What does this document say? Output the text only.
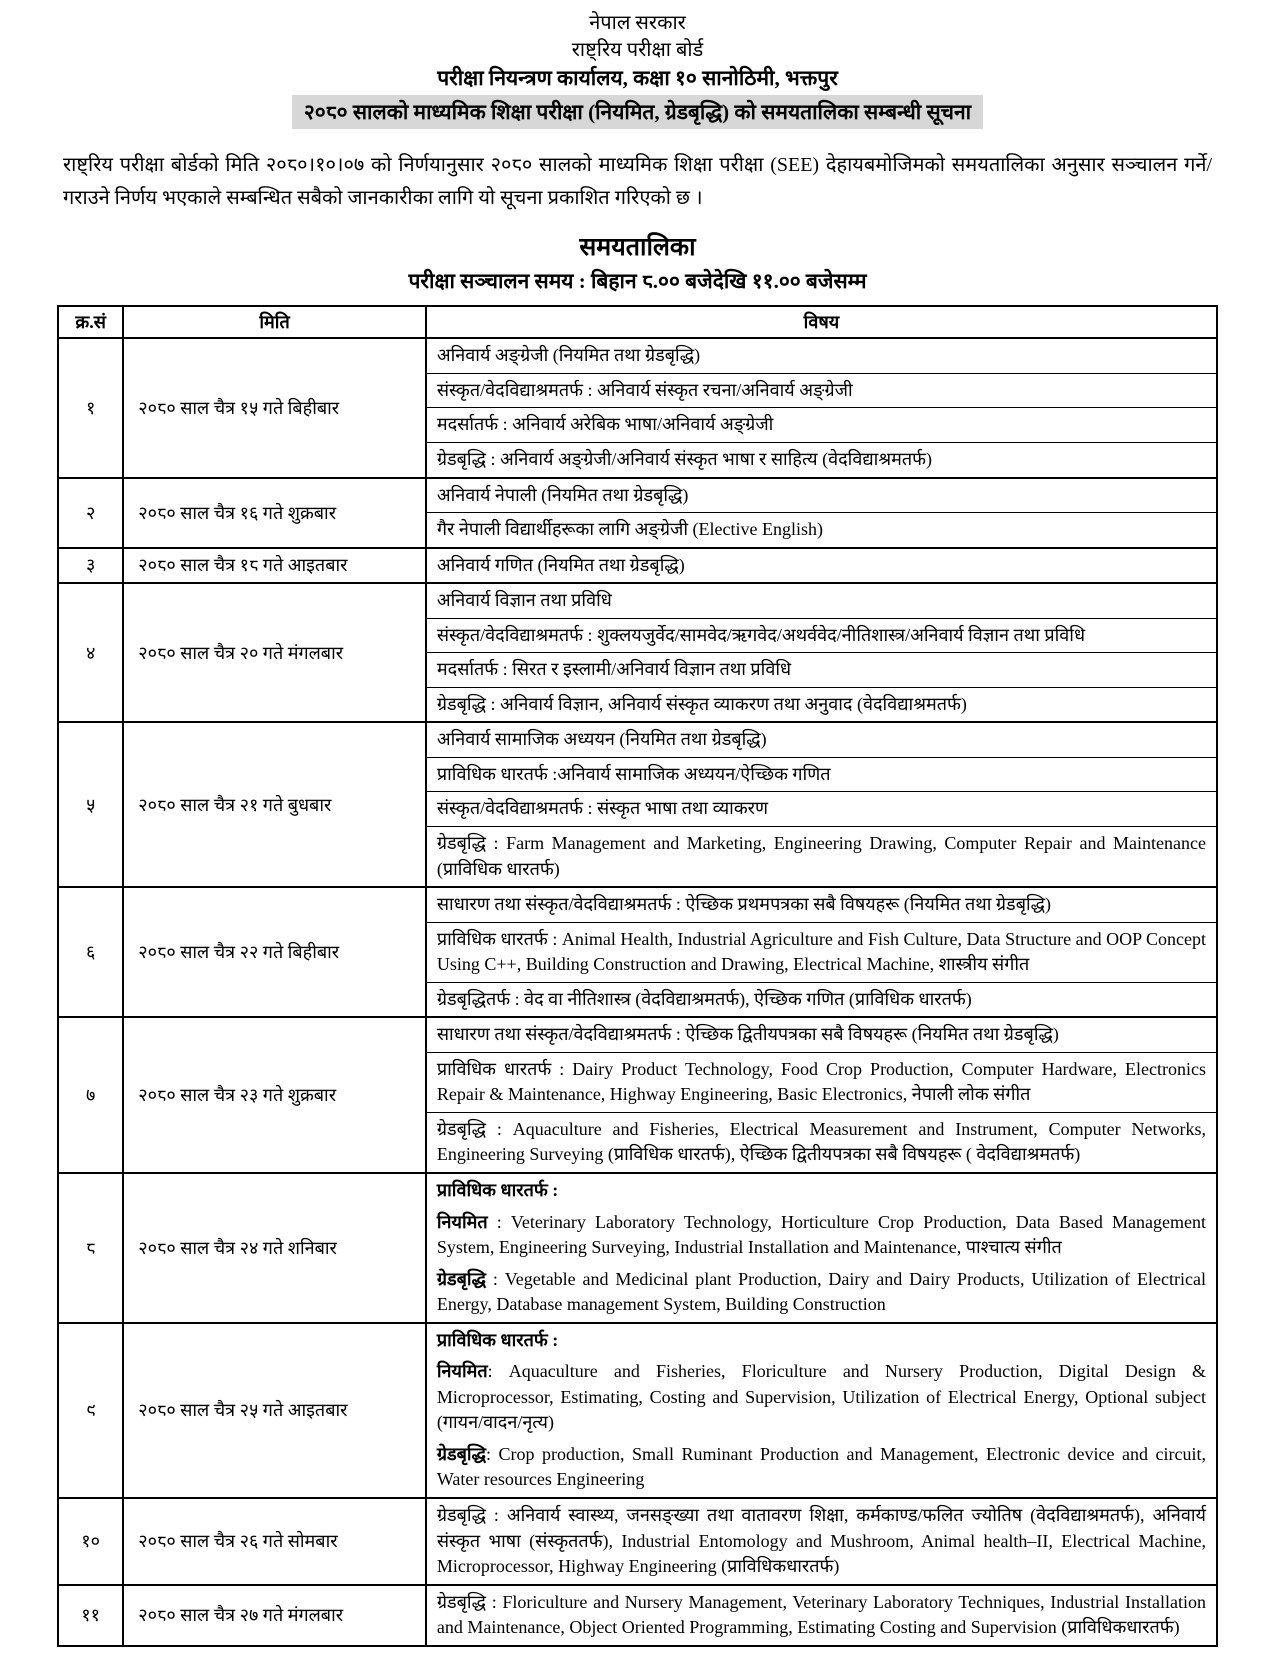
नेपाल सरकार
राष्ट्रिय परीक्षा बोर्ड
परीक्षा नियन्त्रण कार्यालय, कक्षा १० सानोठिमी, भक्तपुर
२०८० सालको माध्यमिक शिक्षा परीक्षा (नियमित, ग्रेडबृद्धि) को समयतालिका सम्बन्धी सूचना

राष्ट्रिय परीक्षा बोर्डको मिति २०८०।१०।०७ को निर्णयानुसार २०८० सालको माध्यमिक शिक्षा परीक्षा (SEE) देहायबमोजिमको समयतालिका अनुसार सञ्चालन गर्ने/गराउने निर्णय भएकाले सम्बन्धित सबैको जानकारीका लागि यो सूचना प्रकाशित गरिएको छ ।

समयतालिका
परीक्षा सञ्चालन समय : बिहान ८.०० बजेदेखि ११.०० बजेसम्म
क्र.सं	मिति	विषय
१	२०८० साल चैत्र १५ गते बिहीबार	अनिवार्य अङ्ग्रेजी (नियमित तथा ग्रेडबृद्धि)

संस्कृत/वेदविद्याश्रमतर्फ : अनिवार्य संस्कृत रचना/अनिवार्य अङ्ग्रेजी

मदर्सातर्फ : अनिवार्य अरेबिक भाषा/अनिवार्य अङ्ग्रेजी

ग्रेडबृद्धि : अनिवार्य अङ्ग्रेजी/अनिवार्य संस्कृत भाषा र साहित्य (वेदविद्याश्रमतर्फ)

२	२०८० साल चैत्र १६ गते शुक्रबार	अनिवार्य नेपाली (नियमित तथा ग्रेडबृद्धि)

गैर नेपाली विद्यार्थीहरूका लागि अङ्ग्रेजी (Elective English)

३	२०८० साल चैत्र १८ गते आइतबार	अनिवार्य गणित (नियमित तथा ग्रेडबृद्धि)

४	२०८० साल चैत्र २० गते मंगलबार	अनिवार्य विज्ञान तथा प्रविधि

संस्कृत/वेदविद्याश्रमतर्फ : शुक्लयजुर्वेद/सामवेद/ऋगवेद/अथर्ववेद/नीतिशास्त्र/अनिवार्य विज्ञान तथा प्रविधि

मदर्सातर्फ : सिरत र इस्लामी/अनिवार्य विज्ञान तथा प्रविधि

ग्रेडबृद्धि : अनिवार्य विज्ञान, अनिवार्य संस्कृत व्याकरण तथा अनुवाद (वेदविद्याश्रमतर्फ)

५	२०८० साल चैत्र २१ गते बुधबार	अनिवार्य सामाजिक अध्ययन (नियमित तथा ग्रेडबृद्धि)

प्राविधिक धारतर्फ :अनिवार्य सामाजिक अध्ययन/ऐच्छिक गणित

संस्कृत/वेदविद्याश्रमतर्फ : संस्कृत भाषा तथा व्याकरण

ग्रेडबृद्धि : Farm Management and Marketing, Engineering Drawing, Computer Repair and Maintenance (प्राविधिक धारतर्फ)

६	२०८० साल चैत्र २२ गते बिहीबार	साधारण तथा संस्कृत/वेदविद्याश्रमतर्फ : ऐच्छिक प्रथमपत्रका सबै विषयहरू (नियमित तथा ग्रेडबृद्धि)

प्राविधिक धारतर्फ : Animal Health, Industrial Agriculture and Fish Culture, Data Structure and OOP Concept Using C++, Building Construction and Drawing, Electrical Machine, शास्त्रीय संगीत

ग्रेडबृद्धितर्फ : वेद वा नीतिशास्त्र (वेदविद्याश्रमतर्फ), ऐच्छिक गणित (प्राविधिक धारतर्फ)

७	२०८० साल चैत्र २३ गते शुक्रबार	साधारण तथा संस्कृत/वेदविद्याश्रमतर्फ : ऐच्छिक द्वितीयपत्रका सबै विषयहरू (नियमित तथा ग्रेडबृद्धि)

प्राविधिक धारतर्फ : Dairy Product Technology, Food Crop Production, Computer Hardware, Electronics Repair & Maintenance, Highway Engineering, Basic Electronics, नेपाली लोक संगीत

ग्रेडबृद्धि : Aquaculture and Fisheries, Electrical Measurement and Instrument, Computer Networks, Engineering Surveying (प्राविधिक धारतर्फ), ऐच्छिक द्वितीयपत्रका सबै विषयहरू ( वेदविद्याश्रमतर्फ)

८	२०८० साल चैत्र २४ गते शनिबार	प्राविधिक धारतर्फ :

नियमित : Veterinary Laboratory Technology, Horticulture Crop Production, Data Based Management System, Engineering Surveying, Industrial Installation and Maintenance, पाश्चात्य संगीत

ग्रेडबृद्धि : Vegetable and Medicinal plant Production, Dairy and Dairy Products, Utilization of Electrical Energy, Database management System, Building Construction

९	२०८० साल चैत्र २५ गते आइतबार	प्राविधिक धारतर्फ :

नियमित: Aquaculture and Fisheries, Floriculture and Nursery Production, Digital Design & Microprocessor, Estimating, Costing and Supervision, Utilization of Electrical Energy, Optional subject (गायन/वादन/नृत्य)

ग्रेडबृद्धि: Crop production, Small Ruminant Production and Management, Electronic device and circuit, Water resources Engineering

१०	२०८० साल चैत्र २६ गते सोमबार	ग्रेडबृद्धि : अनिवार्य स्वास्थ्य, जनसङ्ख्या तथा वातावरण शिक्षा, कर्मकाण्ड/फलित ज्योतिष (वेदविद्याश्रमतर्फ), अनिवार्य संस्कृत भाषा (संस्कृततर्फ), Industrial Entomology and Mushroom, Animal health–II, Electrical Machine, Microprocessor, Highway Engineering (प्राविधिकधारतर्फ)

११	२०८० साल चैत्र २७ गते मंगलबार	ग्रेडबृद्धि : Floriculture and Nursery Management, Veterinary Laboratory Techniques, Industrial Installation and Maintenance, Object Oriented Programming, Estimating Costing and Supervision (प्राविधिकधारतर्फ)
